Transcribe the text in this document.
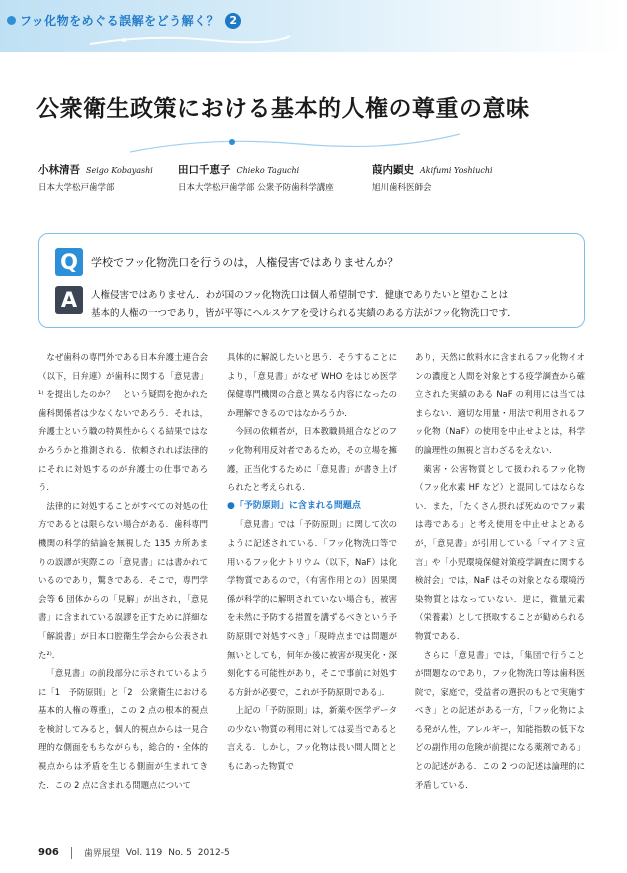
フッ化物をめぐる誤解をどう解く？ 2
公衆衛生政策における基本的人権の尊重の意味
小林清吾 Seigo Kobayashi
日本大学松戸歯学部
田口千恵子 Chieko Taguchi
日本大学松戸歯学部 公衆予防歯科学講座
葭内顕史 Akifumi Yoshiuchi
旭川歯科医師会
Q	学校でフッ化物洗口を行うのは，人権侵害ではありませんか？
A	人権侵害ではありません．わが国のフッ化物洗口は個人希望制です．健康でありたいと望むことは
基本的人権の一つであり，皆が平等にヘルスケアを受けられる実績のある方法がフッ化物洗口です．

なぜ歯科の専門外である日本弁護士連合会（以下，日弁連）が歯科に関する「意見書」¹⁾ を提出したのか？　という疑問を抱かれた歯科関係者は少なくないであろう．それは，弁護士という職の特異性からくる結果ではなかろうかと推測される．依頼されれば法律的にそれに対処するのが弁護士の仕事であろう．

法律的に対処することがすべての対処の仕方であるとは限らない場合がある．歯科専門機関の科学的結論を無視した 135 カ所あまりの誤謬が実際この「意見書」には書かれているのであり，驚きである．そこで，専門学会等 6 団体からの「見解」が出され，「意見書」に含まれている誤謬を正すために詳細な「解説書」が日本口腔衛生学会から公表された²⁾．

「意見書」の前段部分に示されているように「1　予防原則」と「2　公衆衛生における基本的人権の尊重」，この 2 点の根本的視点を検討してみると，個人的視点からは一見合理的な側面をもちながらも，総合的・全体的視点からは矛盾を生じる側面が生まれてきた．この 2 点に含まれる問題点について

具体的に解説したいと思う．そうすることにより，「意見書」がなぜ WHO をはじめ医学保健専門機関の合意と異なる内容になったのか理解できるのではなかろうか．

今回の依頼者が，日本教職員組合などのフッ化物利用反対者であるため，その立場を擁護，正当化するために「意見書」が書き上げられたと考えられる．

●「予防原則」に含まれる問題点

「意見書」では「予防原則」に関して次のように記述されている．「フッ化物洗口等で用いるフッ化ナトリウム（以下，NaF）は化学物質であるので，（有害作用との）因果関係が科学的に解明されていない場合も，被害を未然に予防する措置を講ずるべきという予防原則で対処すべき」「現時点までは問題が無いとしても，何年か後に被害が現実化・深刻化する可能性があり，そこで事前に対処する方針が必要で，これが予防原則である」．

上記の「予防原則」は，新薬や医学データの少ない物質の利用に対しては妥当であると言える．しかし，フッ化物は長い間人間とともにあった物質で

あり，天然に飲料水に含まれるフッ化物イオンの濃度と人間を対象とする疫学調査から確立された実績のある NaF の利用には当てはまらない．適切な用量・用法で利用されるフッ化物（NaF）の使用を中止せよとは，科学的論理性の無視と言わざるをえない．

薬害・公害物質として扱われるフッ化物（フッ化水素 HF など）と混同してはならない．また，「たくさん摂れば死ぬのでフッ素は毒である」と考え使用を中止せよとあるが，「意見書」が引用している「マイアミ宣言」や「小児環境保健対策疫学調査に関する検討会」では，NaF はその対象となる環境汚染物質とはなっていない．逆に，微量元素（栄養素）として摂取することが勧められる物質である．

さらに「意見書」では，「集団で行うことが問題なのであり，フッ化物洗口等は歯科医院で，家庭で，受益者の選択のもとで実施すべき」との記述がある一方，「フッ化物による発がん性，アレルギー，知能指数の低下などの副作用の危険が前提になる薬剤である」との記述がある．この 2 つの記述は論理的に矛盾している．

906	歯界展望 Vol. 119 No. 5 2012-5
